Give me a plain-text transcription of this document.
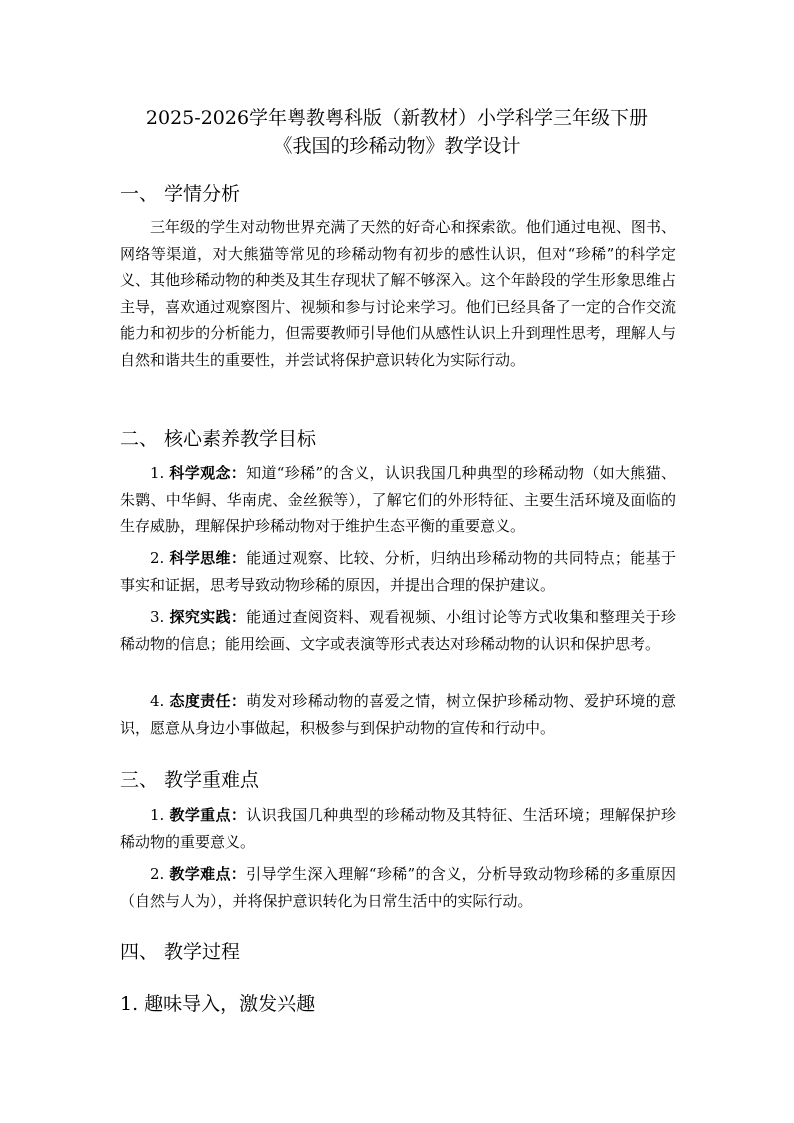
2025-2026学年粤教粤科版（新教材）小学科学三年级下册
《我国的珍稀动物》教学设计
一、 学情分析
三年级的学生对动物世界充满了天然的好奇心和探索欲。他们通过电视、图书、网络等渠道，对大熊猫等常见的珍稀动物有初步的感性认识，但对“珍稀”的科学定义、其他珍稀动物的种类及其生存现状了解不够深入。这个年龄段的学生形象思维占主导，喜欢通过观察图片、视频和参与讨论来学习。他们已经具备了一定的合作交流能力和初步的分析能力，但需要教师引导他们从感性认识上升到理性思考，理解人与自然和谐共生的重要性，并尝试将保护意识转化为实际行动。
二、 核心素养教学目标
1. 科学观念：知道“珍稀”的含义，认识我国几种典型的珍稀动物（如大熊猫、朱鹮、中华鲟、华南虎、金丝猴等），了解它们的外形特征、主要生活环境及面临的生存威胁，理解保护珍稀动物对于维护生态平衡的重要意义。
2. 科学思维：能通过观察、比较、分析，归纳出珍稀动物的共同特点；能基于事实和证据，思考导致动物珍稀的原因，并提出合理的保护建议。
3. 探究实践：能通过查阅资料、观看视频、小组讨论等方式收集和整理关于珍稀动物的信息；能用绘画、文字或表演等形式表达对珍稀动物的认识和保护思考。
4. 态度责任：萌发对珍稀动物的喜爱之情，树立保护珍稀动物、爱护环境的意识，愿意从身边小事做起，积极参与到保护动物的宣传和行动中。
三、 教学重难点
1. 教学重点：认识我国几种典型的珍稀动物及其特征、生活环境；理解保护珍稀动物的重要意义。
2. 教学难点：引导学生深入理解“珍稀”的含义，分析导致动物珍稀的多重原因（自然与人为），并将保护意识转化为日常生活中的实际行动。
四、 教学过程
1. 趣味导入，激发兴趣
